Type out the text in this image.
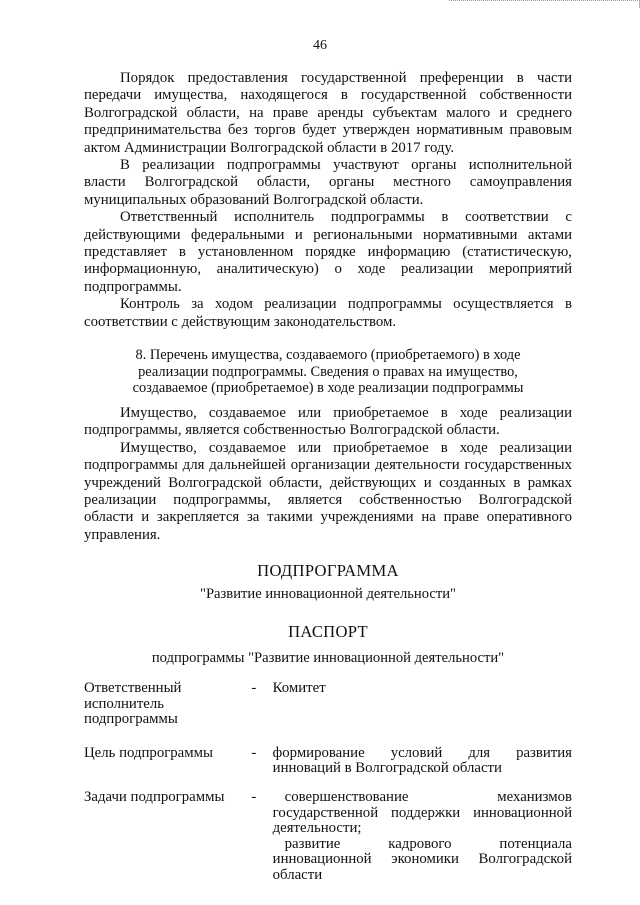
46

Порядок предоставления государственной преференции в части передачи имущества, находящегося в государственной собственности Волгоградской области, на праве аренды субъектам малого и среднего предпринимательства без торгов будет утвержден нормативным правовым актом Администрации Волгоградской области в 2017 году.

В реализации подпрограммы участвуют органы исполнительной власти Волгоградской области, органы местного самоуправления муниципальных образований Волгоградской области.

Ответственный исполнитель подпрограммы в соответствии с действующими федеральными и региональными нормативными актами представляет в установленном порядке информацию (статистическую, информационную, аналитическую) о ходе реализации мероприятий подпрограммы.

Контроль за ходом реализации подпрограммы осуществляется в соответствии с действующим законодательством.

8. Перечень имущества, создаваемого (приобретаемого) в ходе
реализации подпрограммы. Сведения о правах на имущество,
создаваемое (приобретаемое) в ходе реализации подпрограммы

Имущество, создаваемое или приобретаемое в ходе реализации подпрограммы, является собственностью Волгоградской области.

Имущество, создаваемое или приобретаемое в ходе реализации подпрограммы для дальнейшей организации деятельности государственных учреждений Волгоградской области, действующих и созданных в рамках реализации подпрограммы, является собственностью Волгоградской области и закрепляется за такими учреждениями на праве оперативного управления.

ПОДПРОГРАММА
"Развитие инновационной деятельности"
ПАСПОРТ
подпрограммы "Развитие инновационной деятельности"
Ответственный исполнитель подпрограммы	-	Комитет

Цель подпрограммы	-	формирование условий для развития инноваций в Волгоградской области

Задачи подпрограммы	-	совершенствование механизмов государственной поддержки инновационной деятельности;
развитие кадрового потенциала инновационной экономики Волгоградской области
